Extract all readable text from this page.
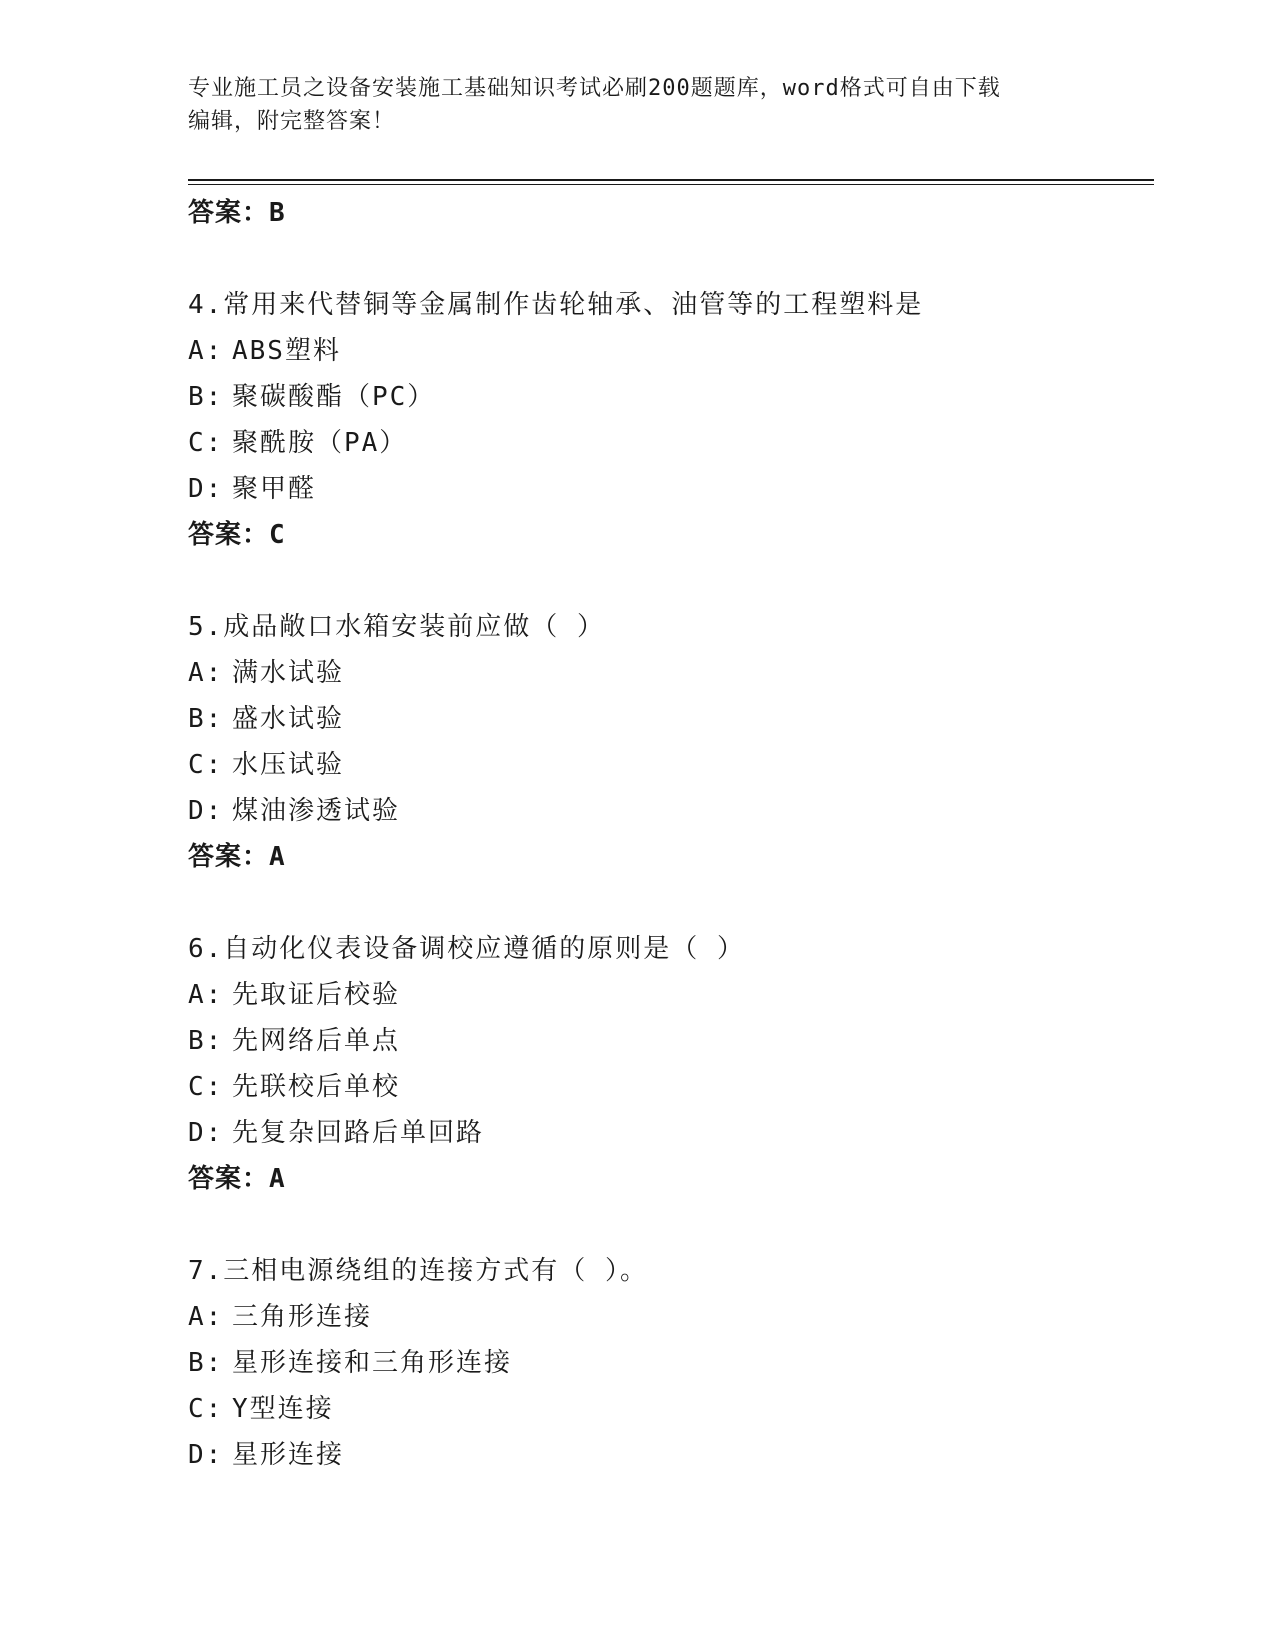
专业施工员之设备安装施工基础知识考试必刷200题题库，word格式可自由下载
编辑，附完整答案！
答案：B
4.常用来代替铜等金属制作齿轮轴承、油管等的工程塑料是
A: ABS塑料
B: 聚碳酸酯（PC）
C: 聚酰胺（PA）
D: 聚甲醛
答案：C
5.成品敞口水箱安装前应做（ ）
A: 满水试验
B: 盛水试验
C: 水压试验
D: 煤油渗透试验
答案：A
6.自动化仪表设备调校应遵循的原则是（ ）
A: 先取证后校验
B: 先网络后单点
C: 先联校后单校
D: 先复杂回路后单回路
答案：A
7.三相电源绕组的连接方式有（ ）。
A: 三角形连接
B: 星形连接和三角形连接
C: Y型连接
D: 星形连接
